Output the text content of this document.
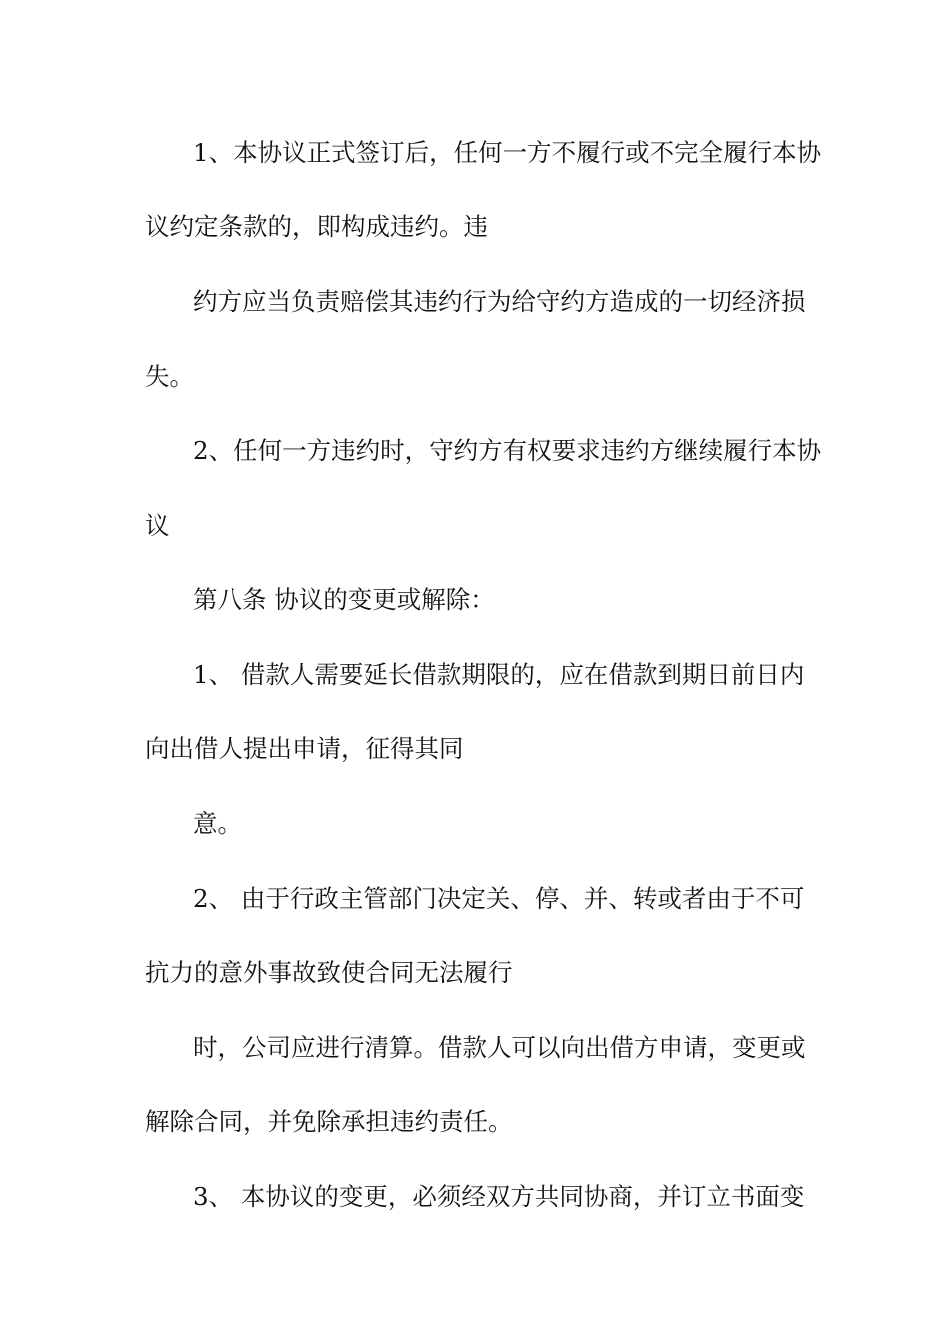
1、本协议正式签订后，任何一方不履行或不完全履行本协
议约定条款的，即构成违约。违
约方应当负责赔偿其违约行为给守约方造成的一切经济损
失。
2、任何一方违约时，守约方有权要求违约方继续履行本协
议
第八条 协议的变更或解除：
1、 借款人需要延长借款期限的，应在借款到期日前日内
向出借人提出申请，征得其同
意。
2、 由于行政主管部门决定关、停、并、转或者由于不可
抗力的意外事故致使合同无法履行
时，公司应进行清算。借款人可以向出借方申请，变更或
解除合同，并免除承担违约责任。
3、 本协议的变更，必须经双方共同协商，并订立书面变
